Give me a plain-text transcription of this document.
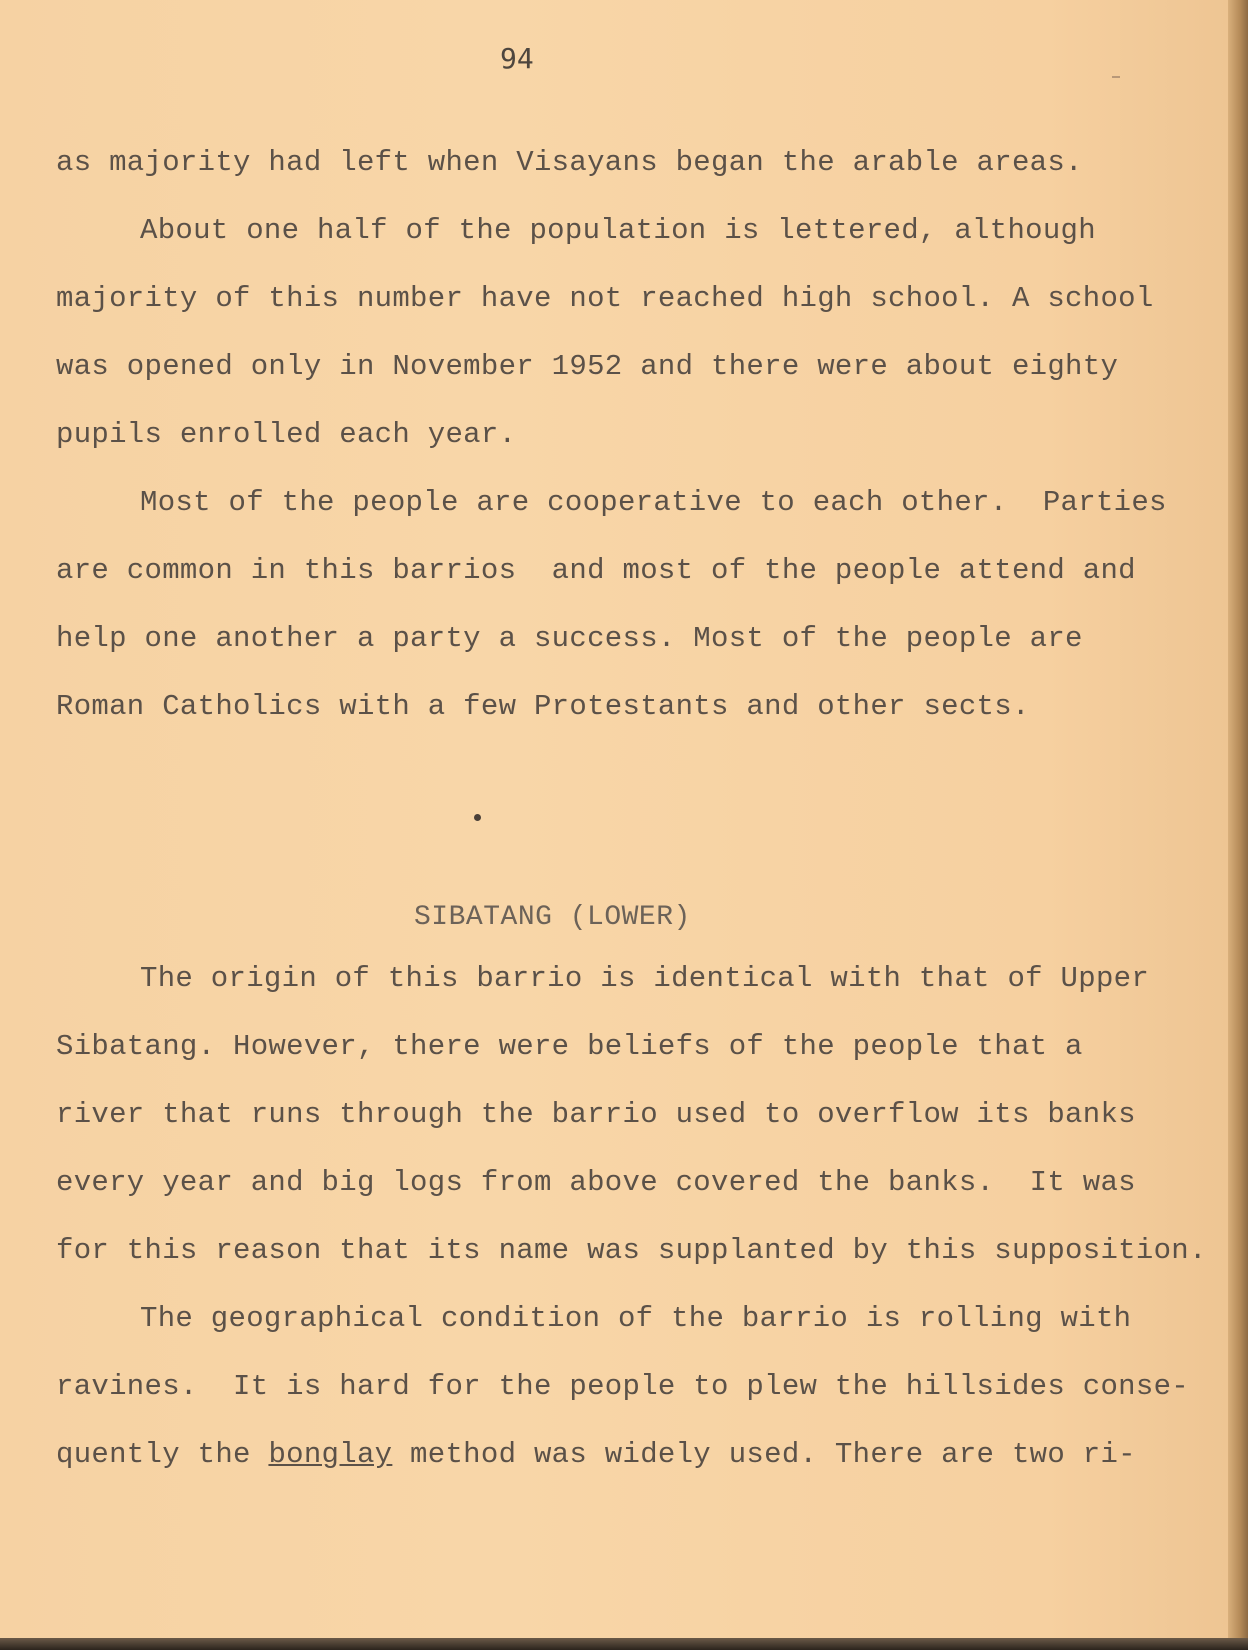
94
as majority had left when Visayans began the arable areas.
About one half of the population is lettered, although
majority of this number have not reached high school. A school
was opened only in November 1952 and there were about eighty
pupils enrolled each year.
Most of the people are cooperative to each other.  Parties
are common in this barrios  and most of the people attend and
help one another a party a success. Most of the people are
Roman Catholics with a few Protestants and other sects.
SIBATANG (LOWER)
The origin of this barrio is identical with that of Upper
Sibatang. However, there were beliefs of the people that a
river that runs through the barrio used to overflow its banks
every year and big logs from above covered the banks.  It was
for this reason that its name was supplanted by this supposition.
The geographical condition of the barrio is rolling with
ravines.  It is hard for the people to plew the hillsides conse-
quently the bonglay method was widely used. There are two ri-
